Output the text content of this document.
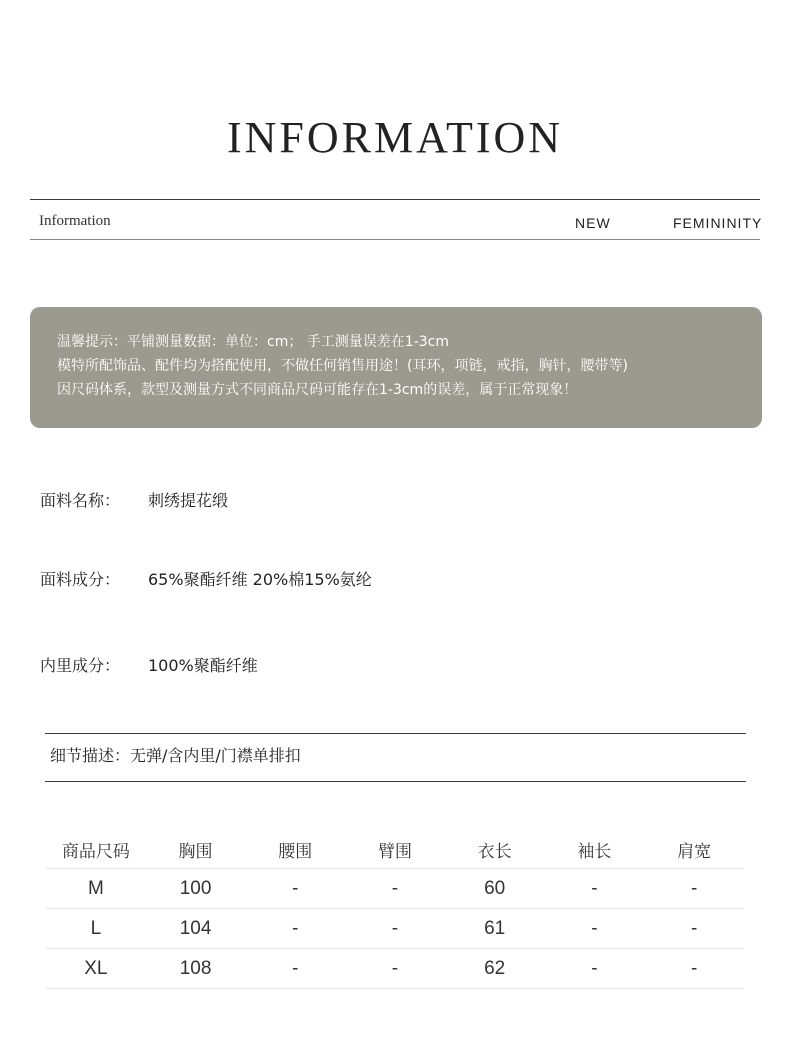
INFORMATION
Information	NEW	FEMININITY
温馨提示：平铺测量数据：单位：cm； 手工测量误差在1-3cm
模特所配饰品、配件均为搭配使用，不做任何销售用途！(耳环，项链，戒指，胸针，腰带等)
因尺码体系，款型及测量方式不同商品尺码可能存在1-3cm的误差，属于正常现象！
面料名称： 刺绣提花缎
面料成分： 65%聚酯纤维 20%棉15%氨纶
内里成分： 100%聚酯纤维
细节描述：无弹/含内里/门襟单排扣
商品尺码	胸围	腰围	臂围	衣长	袖长	肩宽
M	100	-	-	60	-	-
L	104	-	-	61	-	-
XL	108	-	-	62	-	-
